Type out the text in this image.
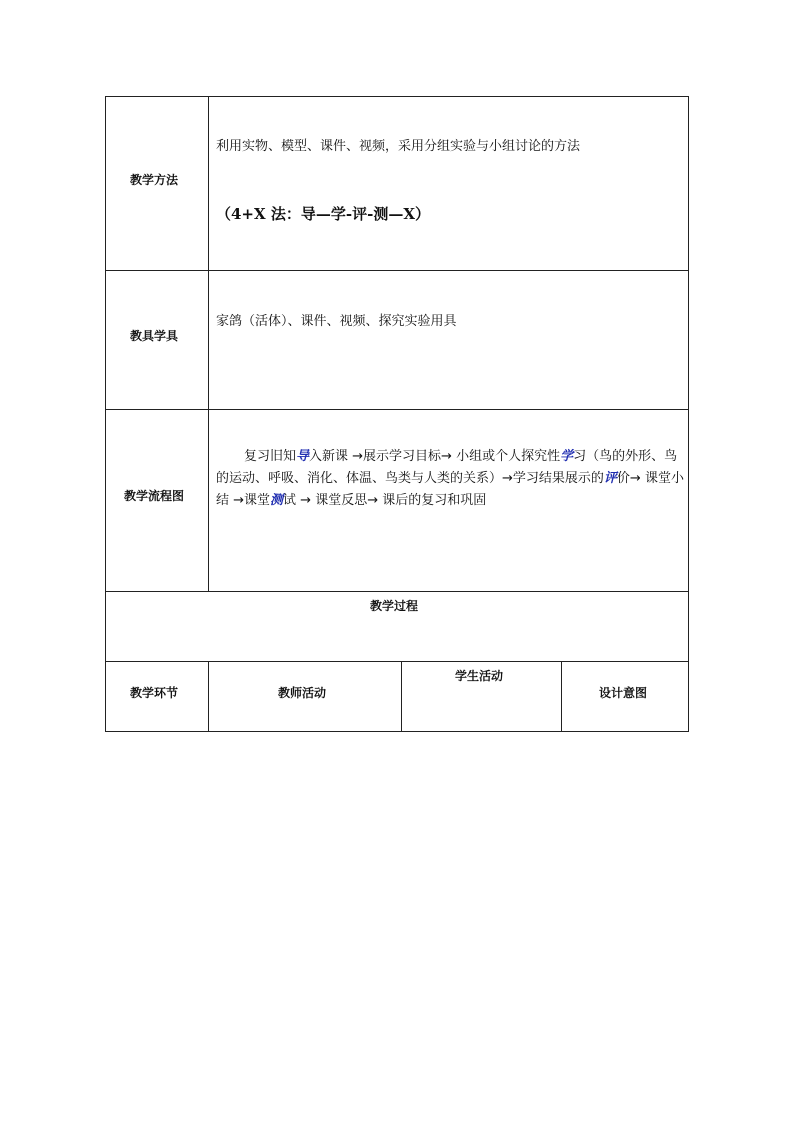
教学方法
利用实物、模型、课件、视频，采用分组实验与小组讨论的方法
（4+X 法：导—学-评-测—X）
教具学具
家鸽（活体）、课件、视频、探究实验用具
教学流程图
复习旧知导入新课 →展示学习目标→ 小组或个人探究性学习（鸟的外形、鸟的运动、呼吸、消化、体温、鸟类与人类的关系）→学习结果展示的评价→ 课堂小结 →课堂测试 → 课堂反思→ 课后的复习和巩固
教学过程
教学环节	教师活动
学生活动
设计意图
